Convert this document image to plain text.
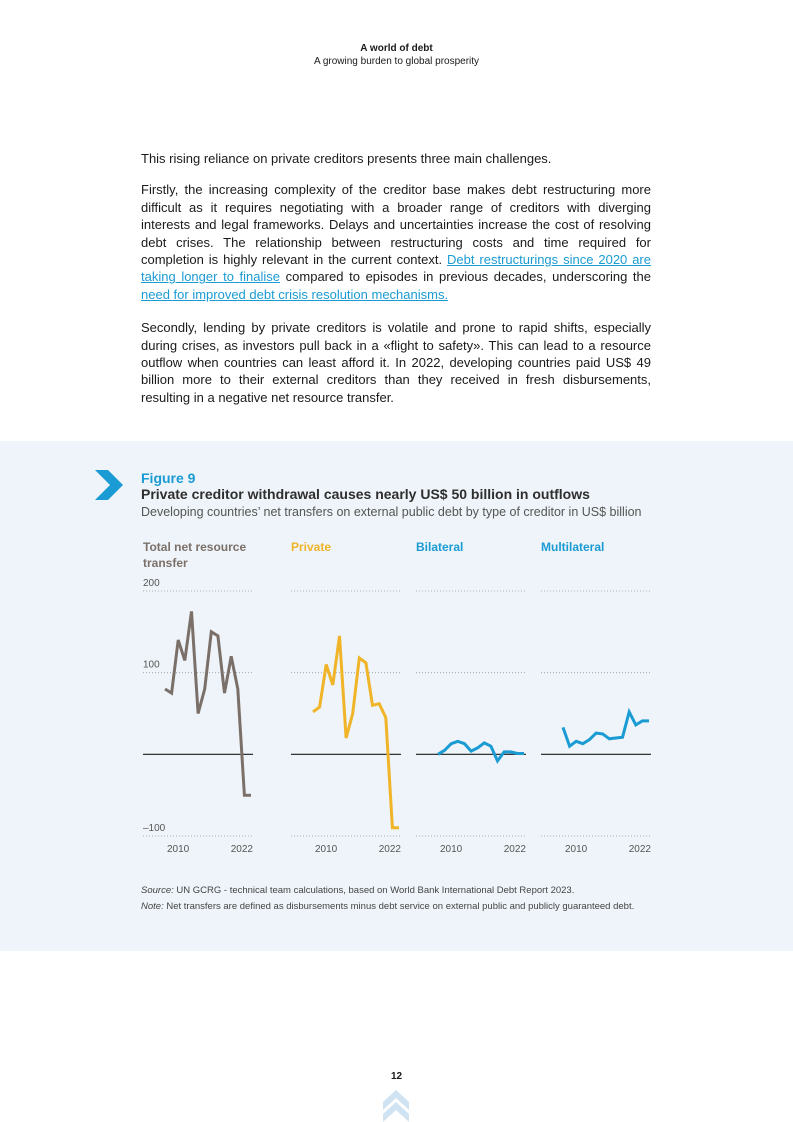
A world of debt
A growing burden to global prosperity

This rising reliance on private creditors presents three main challenges.

Firstly, the increasing complexity of the creditor base makes debt restructuring more difficult as it requires negotiating with a broader range of creditors with diverging interests and legal frameworks. Delays and uncertainties increase the cost of resolving debt crises. The relationship between restructuring costs and time required for completion is highly relevant in the current context. Debt restructurings since 2020 are taking longer to finalise compared to episodes in previous decades, underscoring the need for improved debt crisis resolution mechanisms.

Secondly, lending by private creditors is volatile and prone to rapid shifts, especially during crises, as investors pull back in a «flight to safety». This can lead to a resource outflow when countries can least afford it. In 2022, developing countries paid US$ 49 billion more to their external creditors than they received in fresh disbursements, resulting in a negative net resource transfer.

Figure 9
Private creditor withdrawal causes nearly US$ 50 billion in outflows
Developing countries’ net transfers on external public debt by type of creditor in US$ billion
200
100
–100
Total net resource
transfer
2010	2022
Private
2010	2022
Bilateral
2010	2022
Multilateral
2010	2022
Source: UN GCRG - technical team calculations, based on World Bank International Debt Report 2023.
Note: Net transfers are defined as disbursements minus debt service on external public and publicly guaranteed debt.
12
